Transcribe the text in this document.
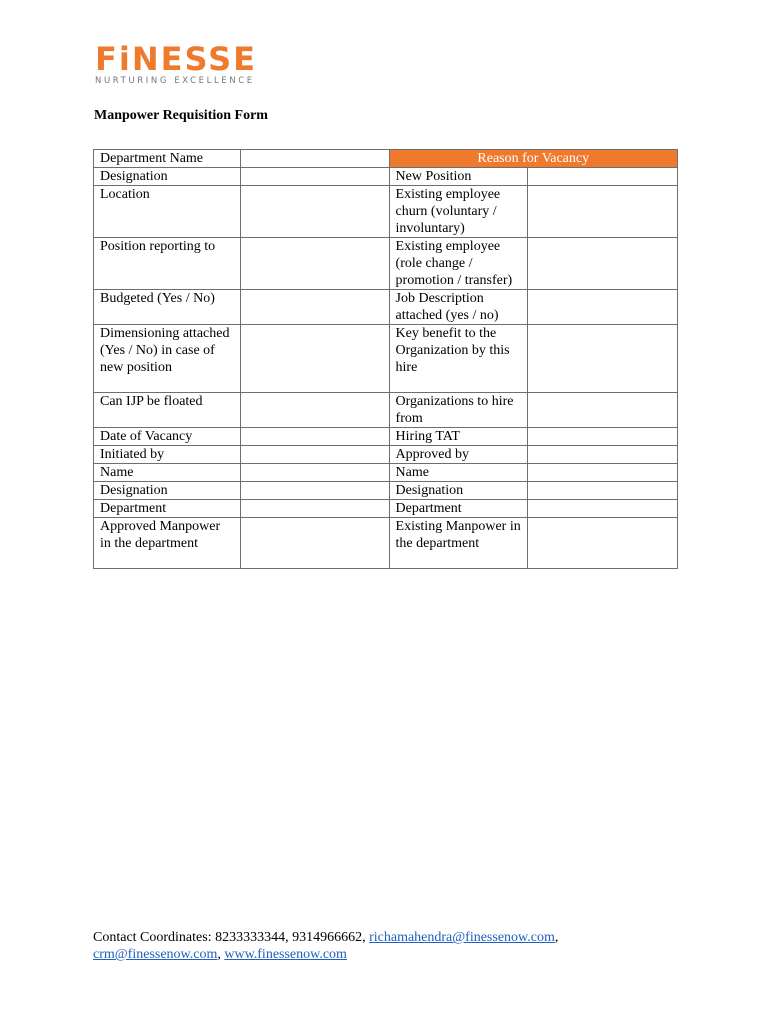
FiNESSE
NURTURING EXCELLENCE
Manpower Requisition Form
Department Name		Reason for Vacancy	
Designation		New Position	
Location		Existing employee churn (voluntary / involuntary)	
Position reporting to		Existing employee (role change / promotion / transfer)	
Budgeted (Yes / No)		Job Description attached (yes / no)	
Dimensioning attached (Yes / No) in case of new position		Key benefit to the Organization by this hire	
Can IJP be floated		Organizations to hire from	
Date of Vacancy		Hiring TAT	
Initiated by		Approved by	
Name		Name	
Designation		Designation	
Department		Department	
Approved Manpower in the department		Existing Manpower in the department	
Contact Coordinates: 8233333344, 9314966662, richamahendra@finessenow.com,
crm@finessenow.com, www.finessenow.com
